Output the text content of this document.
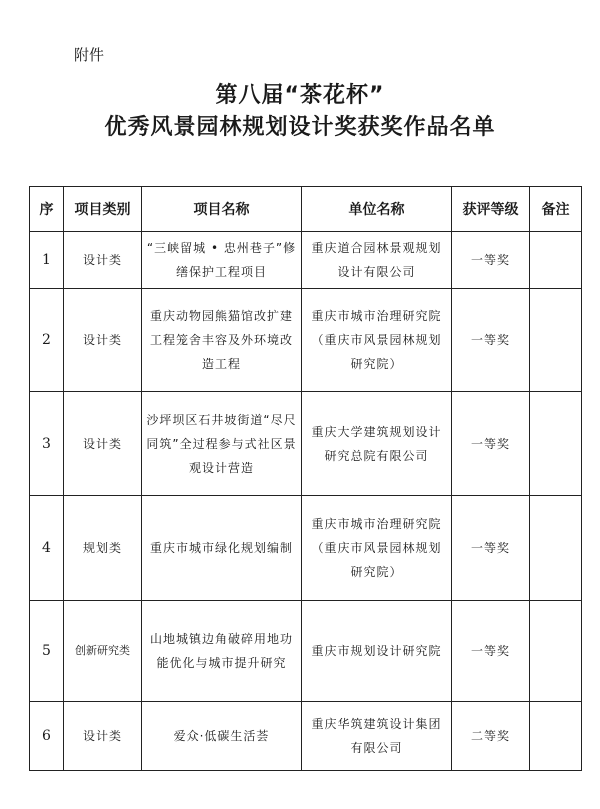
附件
第八届“茶花杯”
优秀风景园林规划设计奖获奖作品名单
序	项目类别	项目名称	单位名称	获评等级	备注
1	设计类	“三峡留城 • 忠州巷子”修缮保护工程项目	重庆道合园林景观规划设计有限公司	一等奖	
2	设计类	重庆动物园熊猫馆改扩建工程笼舍丰容及外环境改造工程	重庆市城市治理研究院（重庆市风景园林规划研究院）	一等奖	
3	设计类	沙坪坝区石井坡街道“尽尺同筑”全过程参与式社区景观设计营造	重庆大学建筑规划设计研究总院有限公司	一等奖	
4	规划类	重庆市城市绿化规划编制	重庆市城市治理研究院（重庆市风景园林规划研究院）	一等奖	
5	创新研究类	山地城镇边角破碎用地功能优化与城市提升研究	重庆市规划设计研究院	一等奖	
6	设计类	爱众·低碳生活荟	重庆华筑建筑设计集团有限公司	二等奖	
